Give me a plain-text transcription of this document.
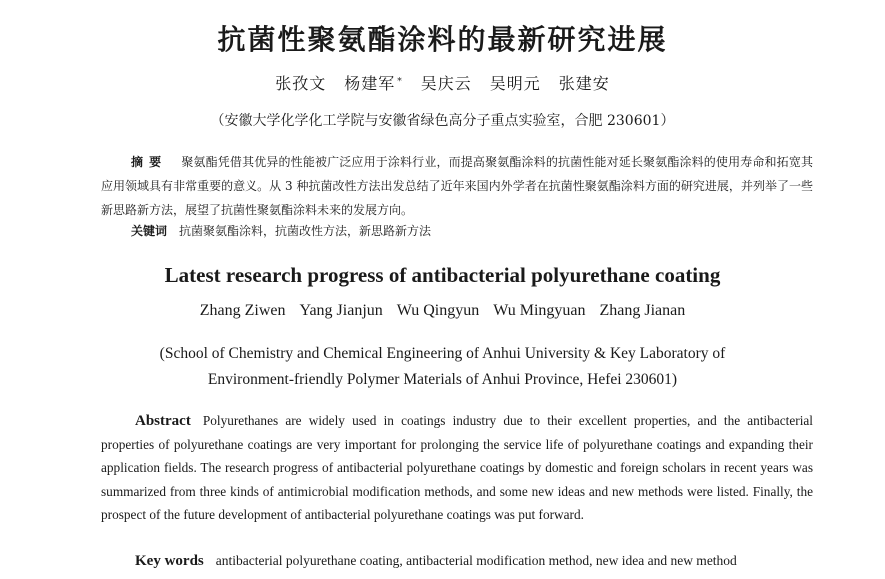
抗菌性聚氨酯涂料的最新研究进展
张孜文 杨建军 * 吴庆云 吴明元 张建安
（安徽大学化学化工学院与安徽省绿色高分子重点实验室，合肥 230601）
摘要 聚氨酯凭借其优异的性能被广泛应用于涂料行业，而提高聚氨酯涂料的抗菌性能对延长聚氨酯涂料的使用寿命和拓宽其应用领域具有非常重要的意义。从 3 种抗菌改性方法出发总结了近年来国内外学者在抗菌性聚氨酯涂料方面的研究进展，并列举了一些新思路新方法，展望了抗菌性聚氨酯涂料未来的发展方向。
关键词 抗菌聚氨酯涂料，抗菌改性方法，新思路新方法
Latest research progress of antibacterial polyurethane coating
Zhang Ziwen Yang Jianjun Wu Qingyun Wu Mingyuan Zhang Jianan
(School of Chemistry and Chemical Engineering of Anhui University & Key Laboratory of
Environment-friendly Polymer Materials of Anhui Province, Hefei 230601)
Abstract Polyurethanes are widely used in coatings industry due to their excellent properties, and the antibacterial properties of polyurethane coatings are very important for prolonging the service life of polyurethane coatings and expanding their application fields. The research progress of antibacterial polyurethane coatings by domestic and foreign scholars in recent years was summarized from three kinds of antimicrobial modification methods, and some new ideas and new methods were listed. Finally, the prospect of the future development of antibacterial polyurethane coatings was put forward.
Key words antibacterial polyurethane coating, antibacterial modification method, new idea and new method
